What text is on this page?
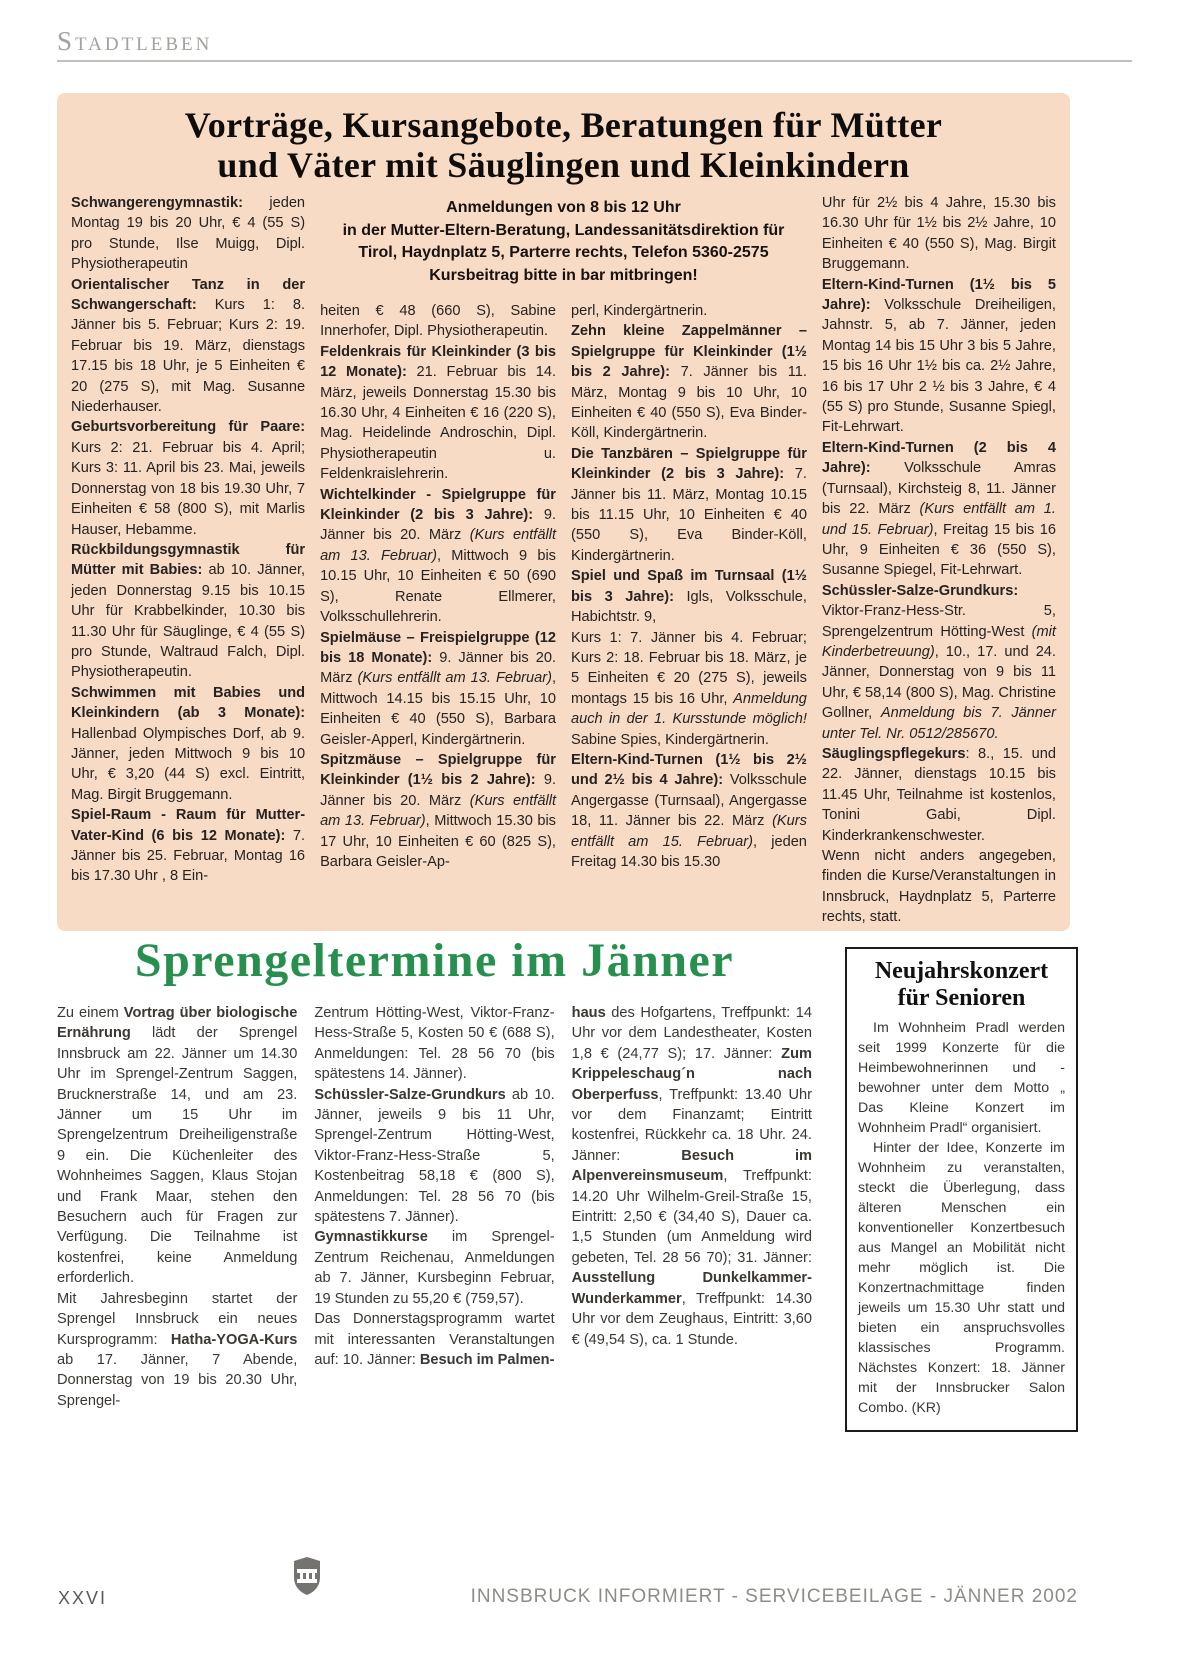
Stadtleben
Vorträge, Kursangebote, Beratungen für Mütter
und Väter mit Säuglingen und Kleinkindern

Schwangerengymnastik: jeden Montag 19 bis 20 Uhr, € 4 (55 S) pro Stunde, Ilse Muigg, Dipl. Physiotherapeutin

Orientalischer Tanz in der Schwangerschaft: Kurs 1: 8. Jänner bis 5. Februar; Kurs 2: 19. Februar bis 19. März, dienstags 17.15 bis 18 Uhr, je 5 Einheiten € 20 (275 S), mit Mag. Susanne Niederhauser.

Geburtsvorbereitung für Paare: Kurs 2: 21. Februar bis 4. April; Kurs 3: 11. April bis 23. Mai, jeweils Donnerstag von 18 bis 19.30 Uhr, 7 Einheiten € 58 (800 S), mit Marlis Hauser, Hebamme.

Rückbildungsgymnastik für Mütter mit Babies: ab 10. Jänner, jeden Donnerstag 9.15 bis 10.15 Uhr für Krabbelkinder, 10.30 bis 11.30 Uhr für Säuglinge, € 4 (55 S) pro Stunde, Waltraud Falch, Dipl. Physiotherapeutin.

Schwimmen mit Babies und Kleinkindern (ab 3 Monate): Hallenbad Olympisches Dorf, ab 9. Jänner, jeden Mittwoch 9 bis 10 Uhr, € 3,20 (44 S) excl. Eintritt, Mag. Birgit Bruggemann.

Spiel-Raum - Raum für Mutter-Vater-Kind (6 bis 12 Monate): 7. Jänner bis 25. Februar, Montag 16 bis 17.30 Uhr , 8 Ein-

Anmeldungen von 8 bis 12 Uhr
in der Mutter-Eltern-Beratung, Landessanitätsdirektion für
Tirol, Haydnplatz 5, Parterre rechts, Telefon 5360-2575
Kursbeitrag bitte in bar mitbringen!

heiten € 48 (660 S), Sabine Innerhofer, Dipl. Physiotherapeutin.

Feldenkrais für Kleinkinder (3 bis 12 Monate): 21. Februar bis 14. März, jeweils Donnerstag 15.30 bis 16.30 Uhr, 4 Einheiten € 16 (220 S), Mag. Heidelinde Androschin, Dipl. Physiotherapeutin u. Feldenkraislehrerin.

Wichtelkinder - Spielgruppe für Kleinkinder (2 bis 3 Jahre): 9. Jänner bis 20. März (Kurs entfällt am 13. Februar), Mittwoch 9 bis 10.15 Uhr, 10 Einheiten € 50 (690 S), Renate Ellmerer, Volksschullehrerin.

Spielmäuse – Freispielgruppe (12 bis 18 Monate): 9. Jänner bis 20. März (Kurs entfällt am 13. Februar), Mittwoch 14.15 bis 15.15 Uhr, 10 Einheiten € 40 (550 S), Barbara Geisler-Apperl, Kindergärtnerin.

Spitzmäuse – Spielgruppe für Kleinkinder (1½ bis 2 Jahre): 9. Jänner bis 20. März (Kurs entfällt am 13. Februar), Mittwoch 15.30 bis 17 Uhr, 10 Einheiten € 60 (825 S), Barbara Geisler-Ap-

perl, Kindergärtnerin.

Zehn kleine Zappelmänner – Spielgruppe für Kleinkinder (1½ bis 2 Jahre): 7. Jänner bis 11. März, Montag 9 bis 10 Uhr, 10 Einheiten € 40 (550 S), Eva Binder-Köll, Kindergärtnerin.

Die Tanzbären – Spielgruppe für Kleinkinder (2 bis 3 Jahre): 7. Jänner bis 11. März, Montag 10.15 bis 11.15 Uhr, 10 Einheiten € 40 (550 S), Eva Binder-Köll, Kindergärtnerin.

Spiel und Spaß im Turnsaal (1½ bis 3 Jahre): Igls, Volksschule, Habichtstr. 9,

Kurs 1: 7. Jänner bis 4. Februar; Kurs 2: 18. Februar bis 18. März, je 5 Einheiten € 20 (275 S), jeweils montags 15 bis 16 Uhr, Anmeldung auch in der 1. Kursstunde möglich! Sabine Spies, Kindergärtnerin.

Eltern-Kind-Turnen (1½ bis 2½ und 2½ bis 4 Jahre): Volksschule Angergasse (Turnsaal), Angergasse 18, 11. Jänner bis 22. März (Kurs entfällt am 15. Februar), jeden Freitag 14.30 bis 15.30

Uhr für 2½ bis 4 Jahre, 15.30 bis 16.30 Uhr für 1½ bis 2½ Jahre, 10 Einheiten € 40 (550 S), Mag. Birgit Bruggemann.

Eltern-Kind-Turnen (1½ bis 5 Jahre): Volksschule Dreiheiligen, Jahnstr. 5, ab 7. Jänner, jeden Montag 14 bis 15 Uhr 3 bis 5 Jahre, 15 bis 16 Uhr 1½ bis ca. 2½ Jahre, 16 bis 17 Uhr 2 ½ bis 3 Jahre, € 4 (55 S) pro Stunde, Susanne Spiegl, Fit-Lehrwart.

Eltern-Kind-Turnen (2 bis 4 Jahre): Volksschule Amras (Turnsaal), Kirchsteig 8, 11. Jänner bis 22. März (Kurs entfällt am 1. und 15. Februar), Freitag 15 bis 16 Uhr, 9 Einheiten € 36 (550 S), Susanne Spiegel, Fit-Lehrwart.

Schüssler-Salze-Grundkurs: Viktor-Franz-Hess-Str. 5, Sprengelzentrum Hötting-West (mit Kinderbetreuung), 10., 17. und 24. Jänner, Donnerstag von 9 bis 11 Uhr, € 58,14 (800 S), Mag. Christine Gollner, Anmeldung bis 7. Jänner unter Tel. Nr. 0512/285670.

Säuglingspflegekurs: 8., 15. und 22. Jänner, dienstags 10.15 bis 11.45 Uhr, Teilnahme ist kostenlos, Tonini Gabi, Dipl. Kinderkrankenschwester.

Wenn nicht anders angegeben, finden die Kurse/Veranstaltungen in Innsbruck, Haydnplatz 5, Parterre rechts, statt.

Sprengeltermine im Jänner

Zu einem Vortrag über biologische Ernährung lädt der Sprengel Innsbruck am 22. Jänner um 14.30 Uhr im Sprengel-Zentrum Saggen, Brucknerstraße 14, und am 23. Jänner um 15 Uhr im Sprengelzentrum Dreiheiligenstraße 9 ein. Die Küchenleiter des Wohnheimes Saggen, Klaus Stojan und Frank Maar, stehen den Besuchern auch für Fragen zur Verfügung. Die Teilnahme ist kostenfrei, keine Anmeldung erforderlich.

Mit Jahresbeginn startet der Sprengel Innsbruck ein neues Kursprogramm: Hatha-YOGA-Kurs ab 17. Jänner, 7 Abende, Donnerstag von 19 bis 20.30 Uhr, Sprengel-

Zentrum Hötting-West, Viktor-Franz-Hess-Straße 5, Kosten 50 € (688 S), Anmeldungen: Tel. 28 56 70 (bis spätestens 14. Jänner).

Schüssler-Salze-Grundkurs ab 10. Jänner, jeweils 9 bis 11 Uhr, Sprengel-Zentrum Hötting-West, Viktor-Franz-Hess-Straße 5, Kostenbeitrag 58,18 € (800 S), Anmeldungen: Tel. 28 56 70 (bis spätestens 7. Jänner).

Gymnastikkurse im Sprengel-Zentrum Reichenau, Anmeldungen ab 7. Jänner, Kursbeginn Februar, 19 Stunden zu 55,20 € (759,57).

Das Donnerstagsprogramm wartet mit interessanten Veranstaltungen auf: 10. Jänner: Besuch im Palmen-

haus des Hofgartens, Treffpunkt: 14 Uhr vor dem Landestheater, Kosten 1,8 € (24,77 S); 17. Jänner: Zum Krippeleschaug´n nach Oberperfuss, Treffpunkt: 13.40 Uhr vor dem Finanzamt; Eintritt kostenfrei, Rückkehr ca. 18 Uhr. 24. Jänner: Besuch im Alpenvereinsmuseum, Treffpunkt: 14.20 Uhr Wilhelm-Greil-Straße 15, Eintritt: 2,50 € (34,40 S), Dauer ca. 1,5 Stunden (um Anmeldung wird gebeten, Tel. 28 56 70); 31. Jänner: Ausstellung Dunkelkammer-Wunderkammer, Treffpunkt: 14.30 Uhr vor dem Zeughaus, Eintritt: 3,60 € (49,54 S), ca. 1 Stunde.

Neujahrskonzert
für Senioren

Im Wohnheim Pradl werden seit 1999 Konzerte für die Heimbewohnerinnen und -bewohner unter dem Motto „ Das Kleine Konzert im Wohnheim Pradl“ organisiert.

Hinter der Idee, Konzerte im Wohnheim zu veranstalten, steckt die Überlegung, dass älteren Menschen ein konventioneller Konzertbesuch aus Mangel an Mobilität nicht mehr möglich ist. Die Konzertnachmittage finden jeweils um 15.30 Uhr statt und bieten ein anspruchsvolles klassisches Programm. Nächstes Konzert: 18. Jänner mit der Innsbrucker Salon Combo. (KR)

XXVI	INNSBRUCK INFORMIERT - SERVICEBEILAGE - JÄNNER 2002
